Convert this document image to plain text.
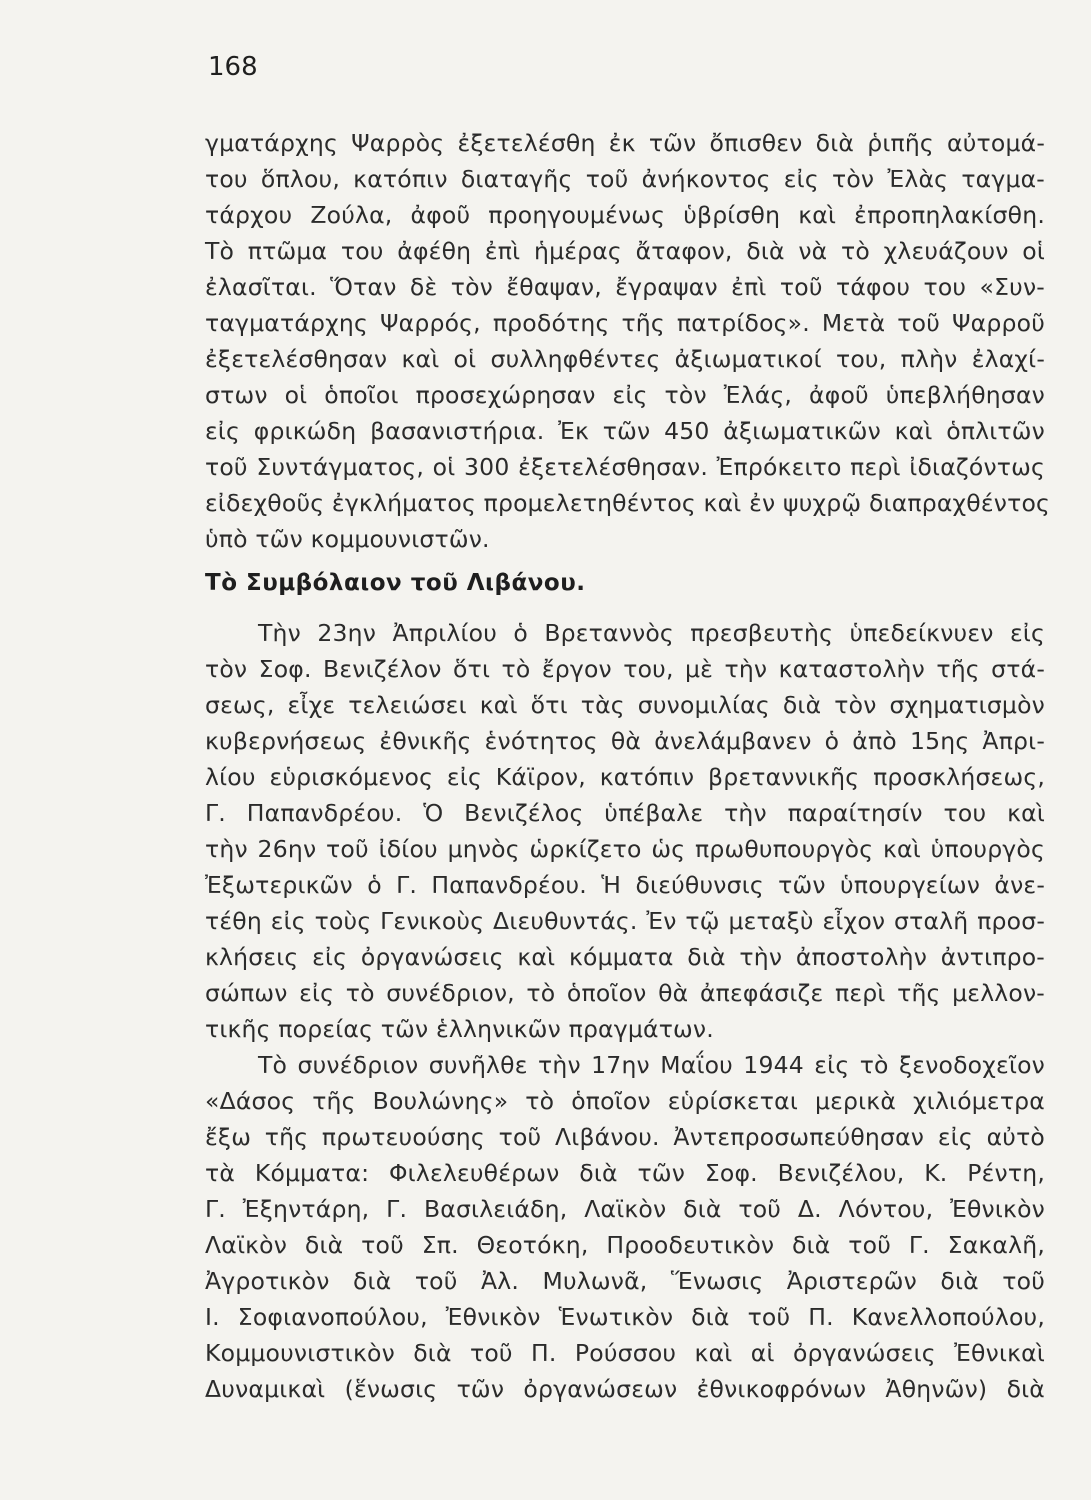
168
γματάρχης Ψαρρὸς ἐξετελέσθη ἐκ τῶν ὄπισθεν διὰ ῥιπῆς αὐτομά-
του ὅπλου, κατόπιν διαταγῆς τοῦ ἀνήκοντος εἰς τὸν Ἐλὰς ταγμα-
τάρχου Ζούλα, ἀφοῦ προηγουμένως ὑβρίσθη καὶ ἐπροπηλακίσθη.
Τὸ πτῶμα του ἀφέθη ἐπὶ ἡμέρας ἄταφον, διὰ νὰ τὸ χλευάζουν οἱ
ἐλασῖται. Ὅταν δὲ τὸν ἔθαψαν, ἔγραψαν ἐπὶ τοῦ τάφου του «Συν-
ταγματάρχης Ψαρρός, προδότης τῆς πατρίδος». Μετὰ τοῦ Ψαρροῦ
ἐξετελέσθησαν καὶ οἱ συλληφθέντες ἀξιωματικοί του, πλὴν ἐλαχί-
στων οἱ ὁποῖοι προσεχώρησαν εἰς τὸν Ἐλάς, ἀφοῦ ὑπεβλήθησαν
εἰς φρικώδη βασανιστήρια. Ἐκ τῶν 450 ἀξιωματικῶν καὶ ὁπλιτῶν
τοῦ Συντάγματος, οἱ 300 ἐξετελέσθησαν. Ἐπρόκειτο περὶ ἰδιαζόντως
εἰδεχθοῦς ἐγκλήματος προμελετηθέντος καὶ ἐν ψυχρῷ διαπραχθέντος
ὑπὸ τῶν κομμουνιστῶν.
Τὸ Συμβόλαιον τοῦ Λιβάνου.
Τὴν 23ην Ἀπριλίου ὁ Βρεταννὸς πρεσβευτὴς ὑπεδείκνυεν εἰς
τὸν Σοφ. Βενιζέλον ὅτι τὸ ἔργον του, μὲ τὴν καταστολὴν τῆς στά-
σεως, εἶχε τελειώσει καὶ ὅτι τὰς συνομιλίας διὰ τὸν σχηματισμὸν
κυβερνήσεως ἐθνικῆς ἑνότητος θὰ ἀνελάμβανεν ὁ ἀπὸ 15ης Ἀπρι-
λίου εὑρισκόμενος εἰς Κάϊρον, κατόπιν βρεταννικῆς προσκλήσεως,
Γ. Παπανδρέου. Ὁ Βενιζέλος ὑπέβαλε τὴν παραίτησίν του καὶ
τὴν 26ην τοῦ ἰδίου μηνὸς ὡρκίζετο ὡς πρωθυπουργὸς καὶ ὑπουργὸς
Ἐξωτερικῶν ὁ Γ. Παπανδρέου. Ἡ διεύθυνσις τῶν ὑπουργείων ἀνε-
τέθη εἰς τοὺς Γενικοὺς Διευθυντάς. Ἐν τῷ μεταξὺ εἶχον σταλῆ προσ-
κλήσεις εἰς ὀργανώσεις καὶ κόμματα διὰ τὴν ἀποστολὴν ἀντιπρο-
σώπων εἰς τὸ συνέδριον, τὸ ὁποῖον θὰ ἀπεφάσιζε περὶ τῆς μελλον-
τικῆς πορείας τῶν ἑλληνικῶν πραγμάτων.
Τὸ συνέδριον συνῆλθε τὴν 17ην Μαΐου 1944 εἰς τὸ ξενοδοχεῖον
«Δάσος τῆς Βουλώνης» τὸ ὁποῖον εὑρίσκεται μερικὰ χιλιόμετρα
ἔξω τῆς πρωτευούσης τοῦ Λιβάνου. Ἀντεπροσωπεύθησαν εἰς αὐτὸ
τὰ Κόμματα: Φιλελευθέρων διὰ τῶν Σοφ. Βενιζέλου, Κ. Ρέντη,
Γ. Ἐξηντάρη, Γ. Βασιλειάδη, Λαϊκὸν διὰ τοῦ Δ. Λόντου, Ἐθνικὸν
Λαϊκὸν διὰ τοῦ Σπ. Θεοτόκη, Προοδευτικὸν διὰ τοῦ Γ. Σακαλῆ,
Ἀγροτικὸν διὰ τοῦ Ἀλ. Μυλωνᾶ, Ἕνωσις Ἀριστερῶν διὰ τοῦ
Ι. Σοφιανοπούλου, Ἐθνικὸν Ἑνωτικὸν διὰ τοῦ Π. Κανελλοπούλου,
Κομμουνιστικὸν διὰ τοῦ Π. Ρούσσου καὶ αἱ ὀργανώσεις Ἐθνικαὶ
Δυναμικαὶ (ἕνωσις τῶν ὀργανώσεων ἐθνικοφρόνων Ἀθηνῶν) διὰ
